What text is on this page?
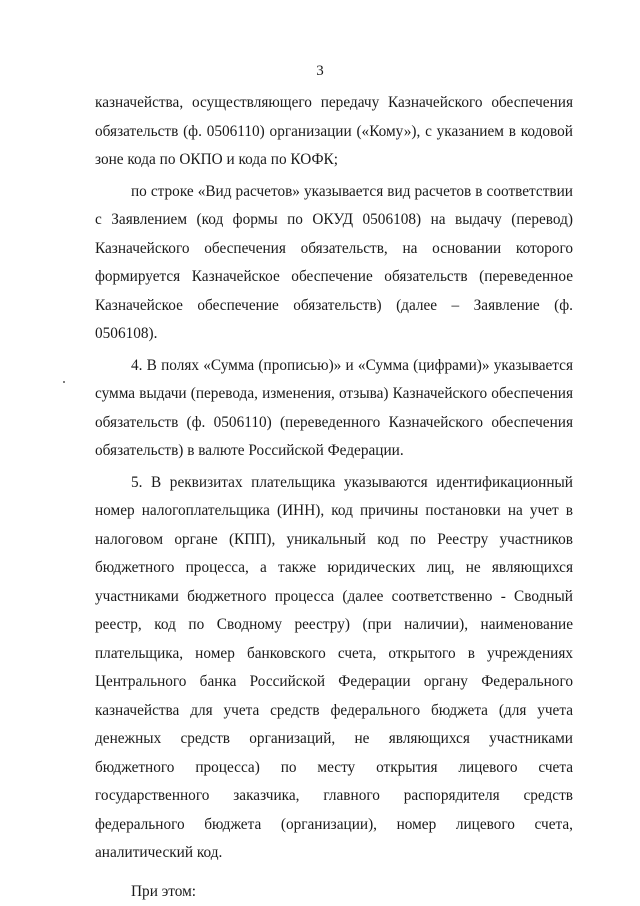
3

казначейства, осуществляющего передачу Казначейского обеспечения обязательств (ф. 0506110) организации («Кому»), с указанием в кодовой зоне кода по ОКПО и кода по КОФК;

по строке «Вид расчетов» указывается вид расчетов в соответствии с Заявлением (код формы по ОКУД 0506108) на выдачу (перевод) Казначейского обеспечения обязательств, на основании которого формируется Казначейское обеспечение обязательств (переведенное Казначейское обеспечение обязательств) (далее – Заявление (ф. 0506108).

4. В полях «Сумма (прописью)» и «Сумма (цифрами)» указывается сумма выдачи (перевода, изменения, отзыва) Казначейского обеспечения обязательств (ф. 0506110) (переведенного Казначейского обеспечения обязательств) в валюте Российской Федерации.

5. В реквизитах плательщика указываются идентификационный номер налогоплательщика (ИНН), код причины постановки на учет в налоговом органе (КПП), уникальный код по Реестру участников бюджетного процесса, а также юридических лиц, не являющихся участниками бюджетного процесса (далее соответственно - Сводный реестр, код по Сводному реестру) (при наличии), наименование плательщика, номер банковского счета, открытого в учреждениях Центрального банка Российской Федерации органу Федерального казначейства для учета средств федерального бюджета (для учета денежных средств организаций, не являющихся участниками бюджетного процесса) по месту открытия лицевого счета государственного заказчика, главного распорядителя средств федерального бюджета (организации), номер лицевого счета, аналитический код.

При этом:
